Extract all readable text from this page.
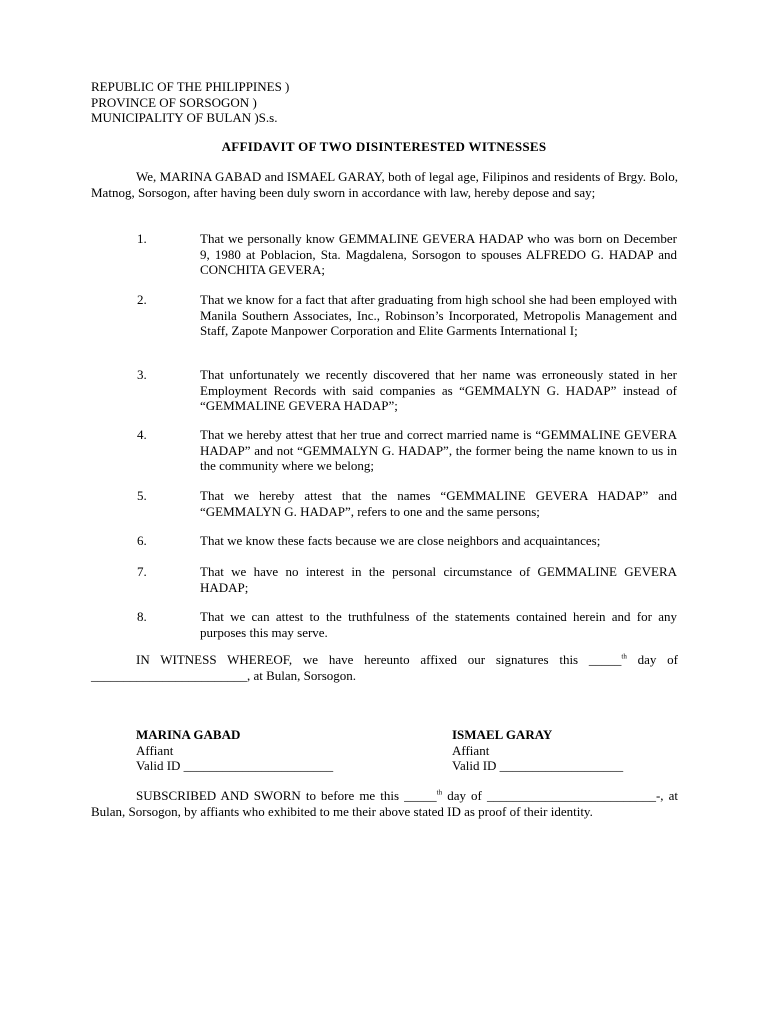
REPUBLIC OF THE PHILIPPINES )
PROVINCE OF SORSOGON )
MUNICIPALITY OF BULAN )S.s.
AFFIDAVIT OF TWO DISINTERESTED WITNESSES
We, MARINA GABAD and ISMAEL GARAY, both of legal age, Filipinos and residents of Brgy. Bolo, Matnog, Sorsogon, after having been duly sworn in accordance with law, hereby depose and say;
1.	That we personally know GEMMALINE GEVERA HADAP who was born on December 9, 1980 at Poblacion, Sta. Magdalena, Sorsogon to spouses ALFREDO G. HADAP and CONCHITA GEVERA;
2.	That we know for a fact that after graduating from high school she had been employed with Manila Southern Associates, Inc., Robinson’s Incorporated, Metropolis Management and Staff, Zapote Manpower Corporation and Elite Garments International I;
3.	That unfortunately we recently discovered that her name was erroneously stated in her Employment Records with said companies as “GEMMALYN G. HADAP” instead of “GEMMALINE GEVERA HADAP”;
4.	That we hereby attest that her true and correct married name is “GEMMALINE GEVERA HADAP” and not “GEMMALYN G. HADAP”, the former being the name known to us in the community where we belong;
5.	That we hereby attest that the names “GEMMALINE GEVERA HADAP” and “GEMMALYN G. HADAP”, refers to one and the same persons;
6.	That we know these facts because we are close neighbors and acquaintances;
7.	That we have no interest in the personal circumstance of GEMMALINE GEVERA HADAP;
8.	That we can attest to the truthfulness of the statements contained herein and for any purposes this may serve.
IN WITNESS WHEREOF, we have hereunto affixed our signatures this _____$^{th}$ day of ________________________, at Bulan, Sorsogon.
MARINA GABAD
Affiant
Valid ID _______________________
ISMAEL GARAY
Affiant
Valid ID ___________________
SUBSCRIBED AND SWORN to before me this _____$^{th}$ day of __________________________-, at Bulan, Sorsogon, by affiants who exhibited to me their above stated ID as proof of their identity.
